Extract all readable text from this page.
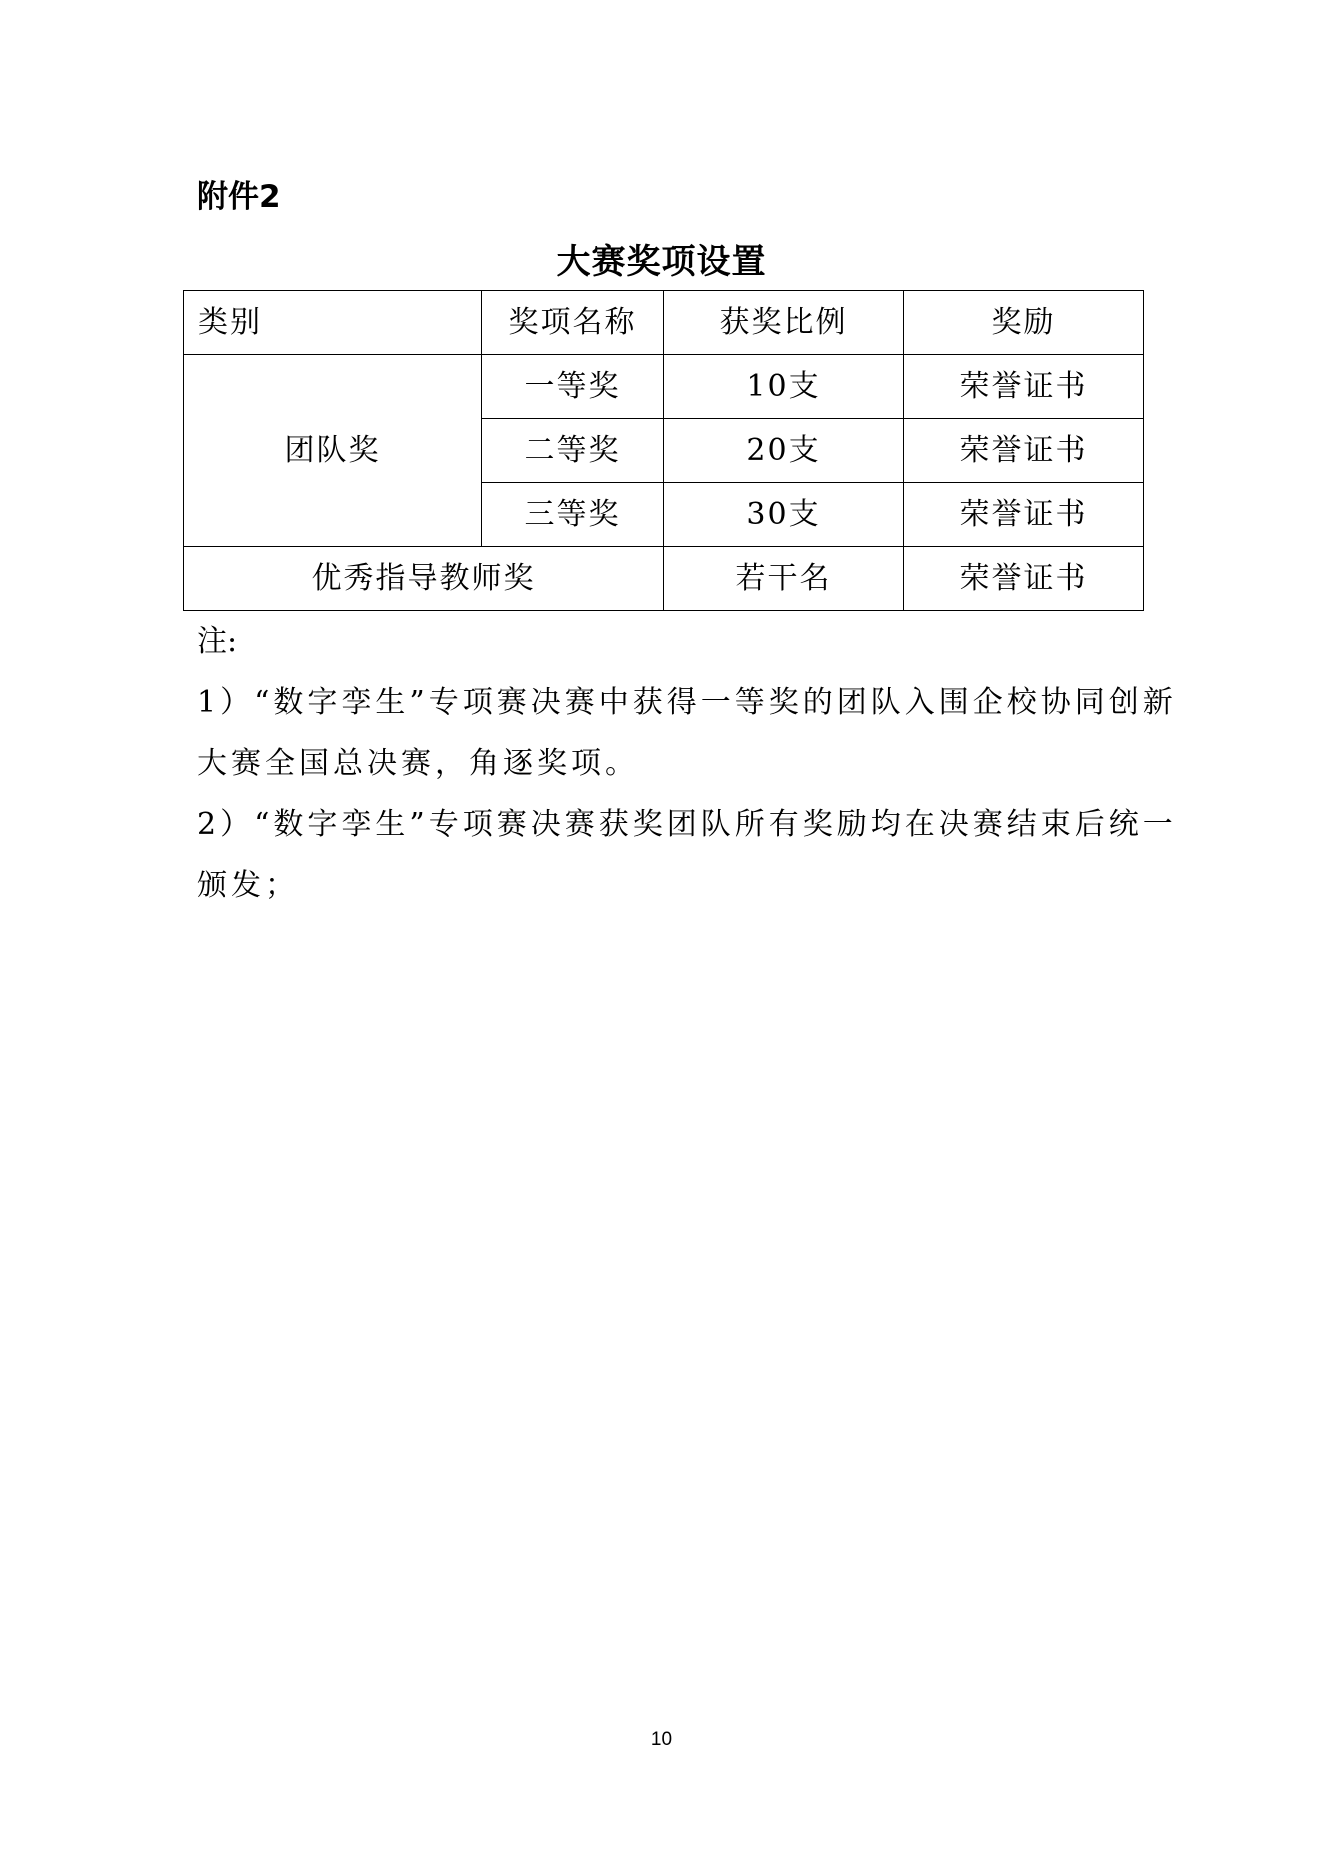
附件2
大赛奖项设置
类别	奖项名称	获奖比例	奖励
团队奖	一等奖	10支	荣誉证书
	二等奖	20支	荣誉证书
	三等奖	30支	荣誉证书
优秀指导教师奖		若干名	荣誉证书
注:
1）“数字孪生”专项赛决赛中获得一等奖的团队入围企校协同创新
大赛全国总决赛，角逐奖项。
2）“数字孪生”专项赛决赛获奖团队所有奖励均在决赛结束后统一
颁发；
10
